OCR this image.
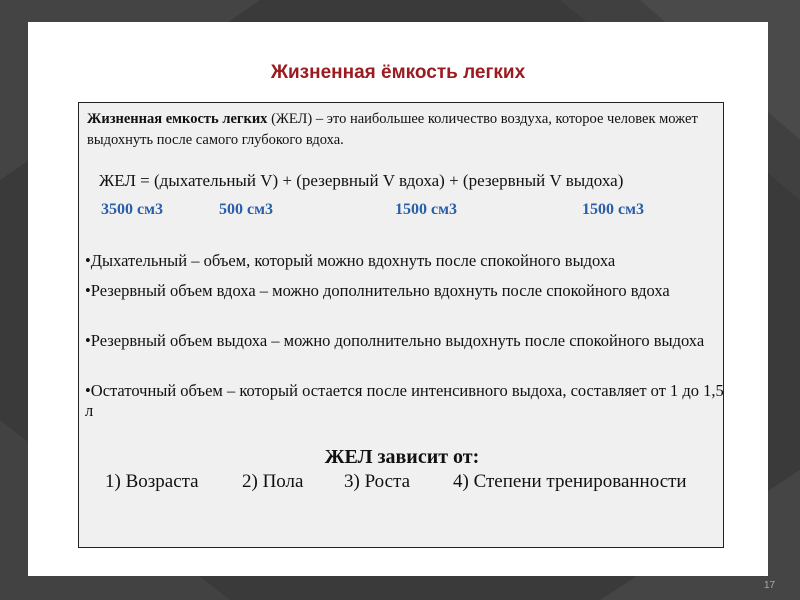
Жизненная ёмкость легких
Жизненная емкость легких (ЖЕЛ) – это наибольшее количество воздуха, которое человек может выдохнуть после самого глубокого вдоха.
ЖЕЛ = (дыхательный V) + (резервный V вдоха) + (резервный V выдоха)
3500 см3	500 см3	1500 см3	1500 см3
•Дыхательный – объем, который можно вдохнуть после спокойного выдоха
•Резервный объем вдоха – можно дополнительно вдохнуть после спокойного вдоха
•Резервный объем выдоха – можно дополнительно выдохнуть после спокойного выдоха
•Остаточный объем – который остается после интенсивного выдоха, составляет от 1 до 1,5 л
ЖЕЛ зависит от:
1) Возраста 2) Пола 3) Роста 4) Степени тренированности
17
